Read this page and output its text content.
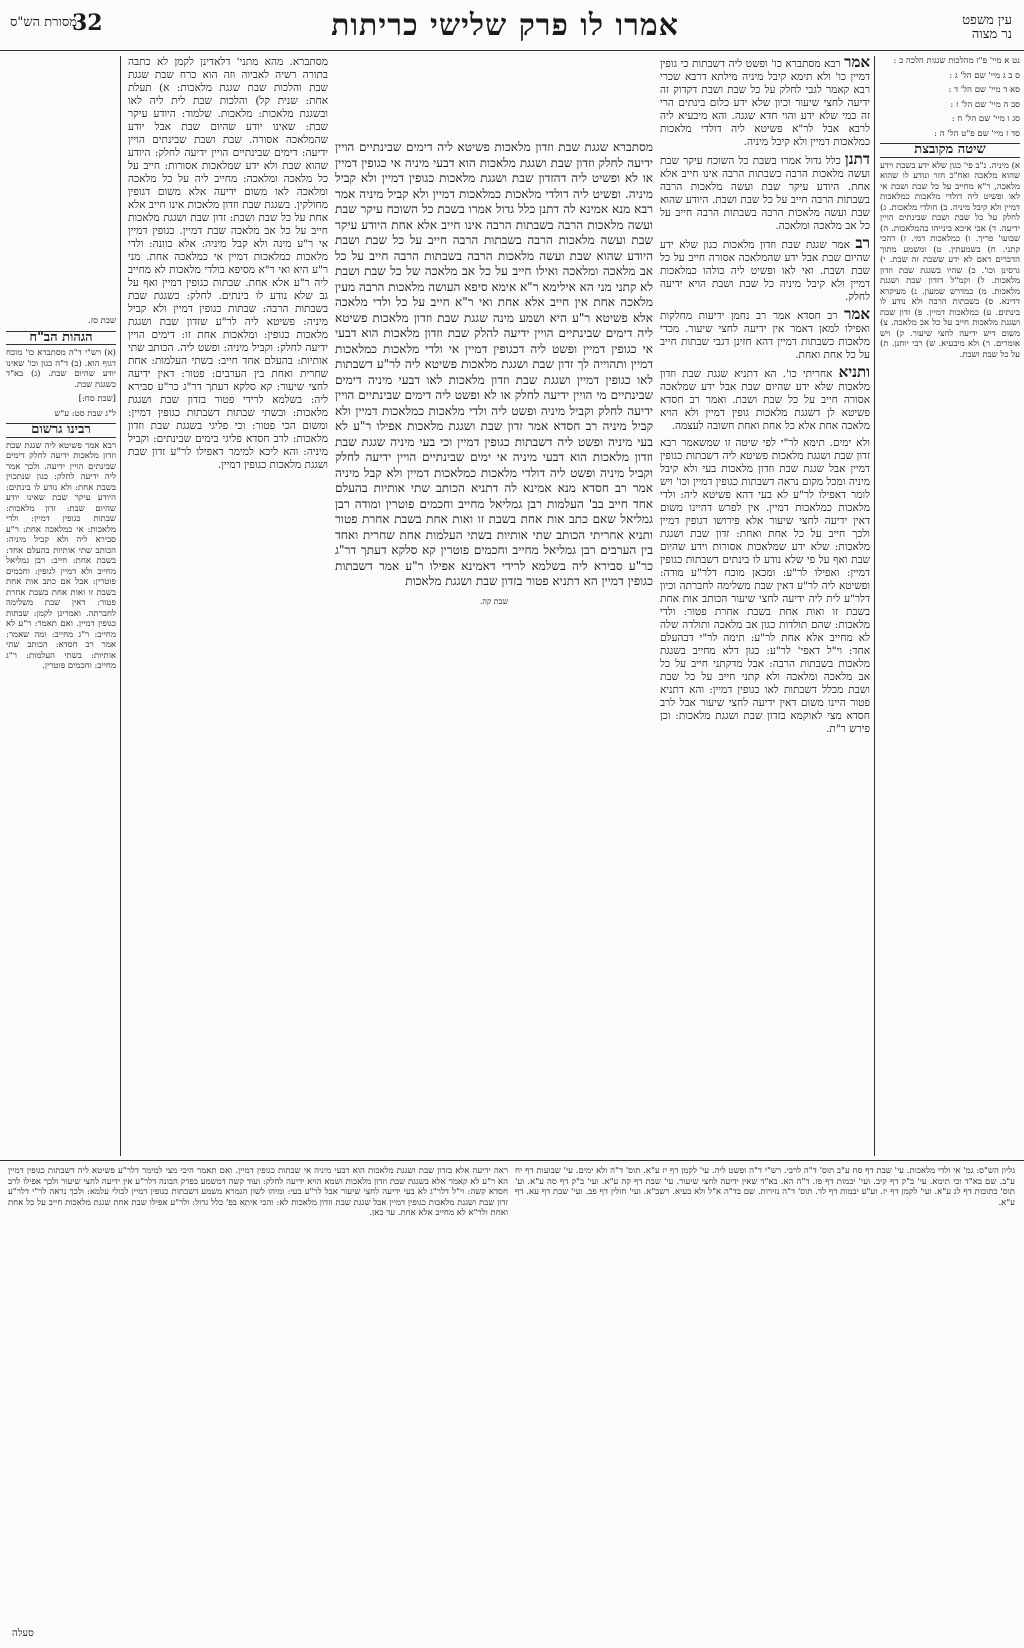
עין משפט
נר מצוה
אמרו לו פרק שלישי כריתות
32
מסורת הש"ס

נט א מיי' פ"ז מהלכות שגגות הלכה ב :

ס ב ג מיי' שם הל' ג :

סא ד מיי' שם הל' ד :

סב ה מיי' שם הל' ז :

סג ו מיי' שם הל' ח :

סד ז מיי' שם פ"ט הל' ה :

שיטה מקובצת
א) מיניה. נ"ב פי' כגון שלא ידע בשבת וידע שהוא מלאכה ואח"כ חזר ונודע לו שהוא מלאכה, ר"א מחייב על כל שבת ושבת אי לאו ופשיט ליה דולדי מלאכות כמלאכות דמיין ולא קיבל מיניה. ב) חולדי מלאכות. ג) לחלק על כל שבת ושבת שבינתים הויין ידיעה. ד) אבי איכא בינייהו בהמלאכות. ה) שבועו' פריך. ו) כמלאכות דמי. ז) דהכי קתני. ח) בשמעתין. ט) ומשמע מתוך הדברים דאם לא ידע ששבת זה שבת. י) גרסינן וכו'. כ) שהיו בשגגת שבת וזדון מלאכות. ל) וקמ"ל דזדון שבת ושגגת מלאכות. מ) כמדרש שמעון. נ) מעיקרא דדינא. ס) בשבתות הרבה ולא נודע לו בינתים. ע) כמלאכות דמיין. פ) זדון שבת ושגגת מלאכות חייב על כל אב מלאכה. צ) משום דיש ידיעה לחצי שיעור. ק) ויש אומרים. ר) ולא מיבעיא. ש) רבי יוחנן. ת) על כל שבת ושבת.

אמר רבא מסתברא כו' ופשט ליה דשבתות כי גופין דמיין כו' ולא תימא קיבל מיניה מילתא דרבא שכרי רבא קאמר לגבי לחלק על כל שבת ושבת דקדוק זה ידיעה לחצי שיעור וכיון שלא ידע כלום בינתים הרי זה כמי שלא ידע והוי חדא שגגה. והא מיבעיא ליה לרבא אבל לר"א פשיטא ליה דולדי מלאכות כמלאכות דמיין ולא קיבל מיניה.

דתנן כלל גדול אמרו בשבת כל השוכח עיקר שבת ועשה מלאכות הרבה בשבתות הרבה אינו חייב אלא אחת. היודע עיקר שבת ועשה מלאכות הרבה בשבתות הרבה חייב על כל שבת ושבת. היודע שהוא שבת ועשה מלאכות הרבה בשבתות הרבה חייב על כל אב מלאכה ומלאכה.

רב אמר שגגת שבת וזדון מלאכות כגון שלא ידע שהיום שבת אבל ידע שהמלאכה אסורה חייב על כל שבת ושבת. ואי לאו ופשיט ליה כולהו כמלאכות דמיין ולא קיבל מיניה כל שבת ושבת הויא ידיעה לחלק.

אמר רב חסדא אמר רב נחמן ידיעות מחלקות ואפילו למאן דאמר אין ידיעה לחצי שיעור. מכדי מלאכות כשבתות דמיין דהא חזינן דגבי שבתות חייב על כל אחת ואחת.

ותניא אחריתי כו'. הא דתניא שגגת שבת וזדון מלאכות שלא ידע שהיום שבת אבל ידע שמלאכה אסורה חייב על כל שבת ושבת. ואמר רב חסדא פשיטא לן דשגגת מלאכות גופין דמיין ולא הויא מלאכה אחת אלא כל אחת ואחת חשובה לעצמה.

ולא ימים. תימא לר"י לפי שיטה זו שמשאמר רבא זדון שבת ושגגת מלאכות פשיטא ליה דשבתות כגופין דמיין אבל שגגת שבת וזדון מלאכות בעי ולא קיבל מיניה ומכל מקום נראה דשבתות כגופין דמיין וכו' ויש לומר דאפילו לר"ע לא בעי דהא פשיטא ליה: ולדי מלאכות כמלאכות דמיין. אין לפרש דהיינו משום דאין ידיעה לחצי שיעור אלא פירושו דגופין דמיין ולכך חייב על כל אחת ואחת: זדון שבת ושגגת מלאכות: שלא ידע שמלאכות אסורות וידע שהיום שבת ואף על פי שלא נודע לו בינתים דשבתות כגופין דמיין: ואפילו לר"ע: ומכאן מוכח דלר"ע מודה: ופשיטא ליה לר"ע דאין שבת משלימה לחברתה וכיון דלר"ע לית ליה ידיעה לחצי שיעור הכותב אות אחת בשבת זו ואות אחת בשבת אחרת פטור: ולדי מלאכות: שהם תולדות כגון אב מלאכה ותולדה שלה לא מחייב אלא אחת לר"ע: תימה לר"י דבהעלם אחד: וי"ל דאפי' לר"ע: כגון דלא מחייב בשגגת מלאכות בשבתות הרבה: אבל מדקתני חייב על כל אב מלאכה ומלאכה ולא קתני חייב על כל שבת ושבת מכלל דשבתות לאו כגופין דמיין: והא דתניא פטור היינו משום דאין ידיעה לחצי שיעור אבל לרב חסדא מצי לאוקמא בזדון שבת ושגגת מלאכות: וכן פירש ר"ת.

מסתברא שגגת שבת וזדון מלאכות פשיטא ליה דימים שבינתיים הויין ידיעה לחלק וזדון שבת ושגגת מלאכות הוא דבעי מיניה אי כגופין דמיין או לא ופשיט ליה דהזדון שבת ושגגת מלאכות כגופין דמיין ולא קביל מיניה. ופשיט ליה דולדי מלאכות כמלאכות דמיין ולא קביל מיניה אמר רבא מנא אמינא לה דתנן כלל גדול אמרו בשבת כל השוכח עיקר שבת ועשה מלאכות הרבה בשבתות הרבה אינו חייב אלא אחת היודע עיקר שבת ועשה מלאכות הרבה בשבתות הרבה חייב על כל שבת ושבת היודע שהוא שבת ועשה מלאכות הרבה בשבתות הרבה חייב על כל אב מלאכה ומלאכה ואילו חייב על כל אב מלאכה של כל שבת ושבת לא קתני מני הא אילימא ר"א אימא סיפא העושה מלאכות הרבה מעין מלאכה אחת אין חייב אלא אחת ואי ר"א חייב על כל ולדי מלאכה אלא פשיטא ר"ע היא ושמע מינה שגגת שבת וזדון מלאכות פשיטא ליה דימים שבינתיים הויין ידיעה להלק שבת וזדון מלאכות הוא דבעי אי כגופין דמיין ופשט ליה דכגופין דמיין אי ולדי מלאכות כמלאכות דמיין ותהוייה לך זדון שבת ושגגת מלאכות פשיטא ליה לר"ע דשבתות לאו כגופין דמיין ושגגת שבת וזדון מלאכות לאו דבעי מיניה דימים שבינתיים מי הויין ידיעה לחלק או לא ופשט ליה דימים שבינתיים הויין ידיעה לחלק וקביל מיניה ופשט ליה ולדי מלאכות כמלאכות דמיין ולא קביל מיניה רב חסדא אמר זדון שבת ושגגת מלאכות אפילו ר"ע לא בעי מיניה ופשט ליה דשבתות כגופין דמיין וכי בעי מיניה שגגת שבת וזדון מלאכות הוא דבעי מיניה אי ימים שבינתיים הויין ידיעה לחלק וקביל מיניה ופשט ליה דולדי מלאכות כמלאכות דמיין ולא קבל מיניה אמר רב חסדא מנא אמינא לה דתניא הכותב שתי אותיות בהעלם אחד חייב בב' העלמות רבן גמליאל מחייב וחכמים פוטרין ומודה רבן גמליאל שאם כתב אות אחת בשבת זו ואות אחת בשבת אחרת פטור ותניא אחריתי הכותב שתי אותיות בשתי העלמות אחת שחרית ואחד בין הערבים רבן גמליאל מחייב וחכמים פוטרין קא סלקא דעתך דר"ג כר"ע סבירא ליה בשלמא לרידי דאמינא אפילו ר"ע אמר דשבתות כגופין דמיין הא דתניא פטור בזדון שבת ושגגת מלאכות

שבת קה.

מסתברא. מהא מתני' דלאדינן לקמן לא כתבה בתורה רשיה לאביוה וזה הוא כרח שבת שגגת שבת והלכות שבת שגגת מלאכות: א) תעלת אחת: שנית קל) והלכות שבת לית ליה לאו ובשגגת מלאכות: מלאכות. שלמוד: היודע עיקר שבת: שאינו יודע שהיום שבת אבל יודע שהמלאכה אסורה. שבת ושבת שבינתים הויין ידיעה: דימים שבינתיים הויין ידיעה לחלק: היודע שהוא שבת ולא ידע שמלאכות אסורות: חייב על כל מלאכה ומלאכה: מחייב ליה על כל מלאכה ומלאכה לאו משום ידיעה אלא משום דגופין מחולקין. בשגגת שבת וזדון מלאכות אינו חייב אלא אחת על כל שבת ושבת: זדון שבת ושגגת מלאכות חייב על כל אב מלאכה שבת דמיין. כגופין דמיין אי ר"ע מינה ולא קבל מיניה: אלא כוונה: ולדי מלאכות כמלאכות דמיין אי כמלאכה אחת. מני ר"ע היא ואי ר"א מסיפא בולדי מלאכות לא מחייב ליה ר"ע אלא אחת. שבתות כגופין דמיין ואף על גב שלא נודע לו בינתים. לחלק: כשגגת שבת בשבתות הרבה: שבתות כגופין דמיין ולא קביל מיניה: פשיטא ליה לר"ע שזדון שבת ושגגת מלאכות כגופין: ומלאכות אחת זו: דימים הויין ידיעה לחלק: וקביל מיניה: ופשט ליה. הכותב שתי אותיות: בהעלם אחד חייב: בשתי העלמות: אחת שחרית ואחת בין הערבים: פטור: דאין ידיעה לחצי שיעור: קא סלקא דעתך דר"ג כר"ע סבירא ליה: בשלמא לרידי פטור בזדון שבת ושגגת מלאכות: ובשתי שבתות דשבתות כגופין דמיין: ומשום הכי פטור: וכי פליגי בשגגת שבת וזדון מלאכות: לרב חסדא פליגי בימים שבינתים: וקביל מיניה: והא ליכא למימר דאפילו לר"ע זדון שבת ושגגת מלאכות כגופין דמיין.

שבת סז.

הגהות הב"ח

(א) רש"י ד"ה מסתברא כו' מוכח דגוף הוא. (ב) ד"ה כגון וכו' שאינו יודע שהיום שבת. (ג) בא"ד כשגגת שבת.

[שבת סח:]

ל"ג שבת סט: ע"ש

רבינו גרשום

רבא אמר פשיטא ליה שגגת שבת וזדון מלאכות ידיעה לחלק דימים שבינתים הויין ידיעה. ולכך אמר ליה ידיעה לחלק: כגון שנתכוין בשבת אחת: ולא נודע לו בינתים: היודע עיקר שבת שאינו יודע שהיום שבת: זדון מלאכות: שבתות כגופין דמיין: ולדי מלאכות: אי כמלאכה אחת: ר"ע סבירא ליה ולא קביל מיניה: הכותב שתי אותיות בהעלם אחד: בשבת אחת: חייב: רבן גמליאל מחייב ולא דמיין לגופין: וחכמים פוטרין: אבל אם כתב אות אחת בשבת זו ואות אחת בשבת אחרת פטור: דאין שבת משלימה לחברתה. ואמרינן לקמן: שבתות כגופין דמיין. ואם תאמר: ר"ע לא מחייב: ר"ג מחייב: ומה שאמר: אמר רב חסדא: הכותב שתי אותיות: בשתי העלמות: ר"ג מחייב: וחכמים פוטרין.

גליון הש"ס: גמ' אי ולדי מלאכות. עי' שבת דף סח ע"ב תוס' ד"ה לרבי. רש"י ד"ה ופשט ליה. עי' לקמן דף יז ע"א. תוס' ד"ה ולא ימים. עי' שבועות דף יח ע"ב. שם בא"ד וכי תימא. עי' ב"ק דף קיב. ועי' יבמות דף פז. ד"ה הא. בא"ד שאין ידיעה לחצי שיעור. עי' שבת דף קה ע"א. ועי' ב"ק דף סה ע"א. וע' תוס' כתובות דף לג ע"א. ועי' לקמן דף יז. וע"ע יבמות דף לד. תוס' ד"ה נזירות. שם בד"ה א"ל ולא בעיא. רשב"א. ועי' חולין דף פב. ועי' שבת דף עא. דף ע"א.

ראה ידיעה אלא בזדון שבת ושגגת מלאכות הוא דבעי מיניה אי שבתות כגופין דמיין. ואם תאמר היכי מצי למימר דלר"ע פשיטא ליה דשבתות כגופין דמיין הא ר"ע לא קאמר אלא בשגגת שבת וזדון מלאכות ושמא הויא ידיעה לחלק: ועוד קשה דמשמע בפרק הבונה דלר"ע אין ידיעה לחצי שיעור ולכך אפילו לרב חסדא קשה: וי"ל דלר"ג לא בעי ידיעה לחצי שיעור אבל לר"ע בעי: ומיהו לשון הגמרא משמע דשבתות כגופין דמיין לכולי עלמא: ולכך נראה לר"י דלר"ע זדון שבת ושגגת מלאכות כגופין דמיין אבל שגגת שבת וזדון מלאכות לא: והכי איתא בפ' כלל גדול: ולר"ע אפילו שבת אחת שגגת מלאכות חייב על כל אחת ואחת ולר"א לא מחייב אלא אחת. עד כאן.

סעלה
